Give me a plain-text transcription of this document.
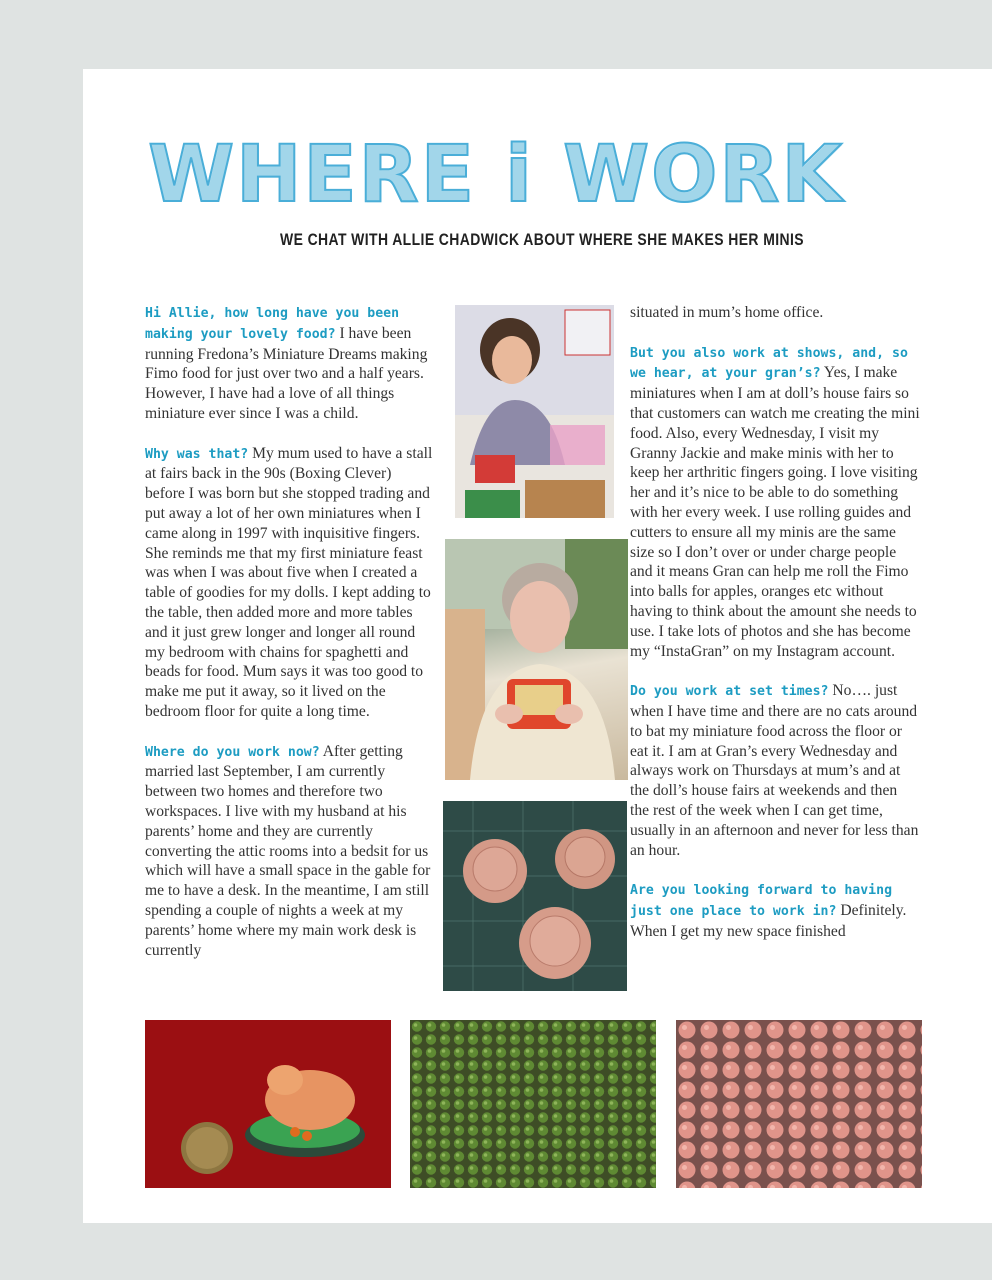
WHERE i WORK
WE CHAT WITH ALLIE CHADWICK ABOUT WHERE SHE MAKES HER MINIS

Hi Allie, how long have you been making your lovely food? I have been running Fredona’s Miniature Dreams making Fimo food for just over two and a half years. However, I have had a love of all things miniature ever since I was a child.

Why was that? My mum used to have a stall at fairs back in the 90s (Boxing Clever) before I was born but she stopped trading and put away a lot of her own miniatures when I came along in 1997 with inquisitive fingers. She reminds me that my first miniature feast was when I was about five when I created a table of goodies for my dolls. I kept adding to the table, then added more and more tables and it just grew longer and longer all round my bedroom with chains for spaghetti and beads for food. Mum says it was too good to make me put it away, so it lived on the bedroom floor for quite a long time.

Where do you work now? After getting married last September, I am currently between two homes and therefore two workspaces. I live with my husband at his parents’ home and they are currently converting the attic rooms into a bedsit for us which will have a small space in the gable for me to have a desk. In the meantime, I am still spending a couple of nights a week at my parents’ home where my main work desk is currently

situated in mum’s home office.

But you also work at shows, and, so we hear, at your gran’s? Yes, I make miniatures when I am at doll’s house fairs so that customers can watch me creating the mini food. Also, every Wednesday, I visit my Granny Jackie and make minis with her to keep her arthritic fingers going. I love visiting her and it’s nice to be able to do something with her every week. I use rolling guides and cutters to ensure all my minis are the same size so I don’t over or under charge people and it means Gran can help me roll the Fimo into balls for apples, oranges etc without having to think about the amount she needs to use. I take lots of photos and she has become my “InstaGran” on my Instagram account.

Do you work at set times? No…. just when I have time and there are no cats around to bat my miniature food across the floor or eat it. I am at Gran’s every Wednesday and always work on Thursdays at mum’s and at the doll’s house fairs at weekends and then the rest of the week when I can get time, usually in an afternoon and never for less than an hour.

Are you looking forward to having just one place to work in? Definitely. When I get my new space finished
